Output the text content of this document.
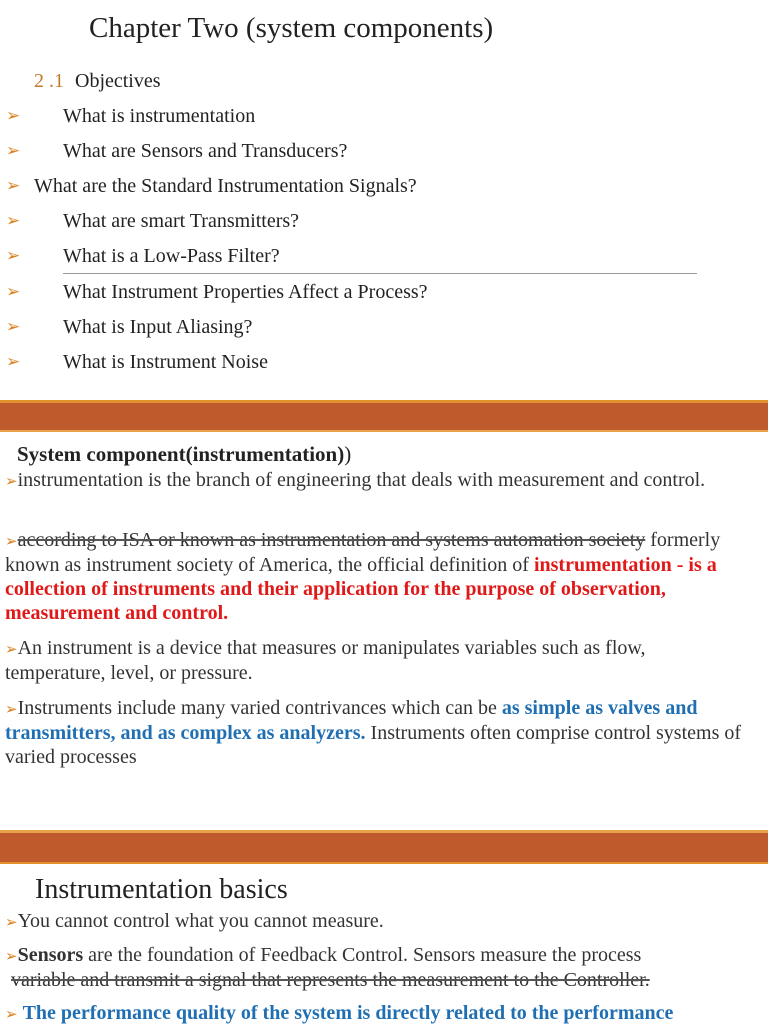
Chapter Two (system components)
2 .1 Objectives
➢ What is instrumentation
➢ What are Sensors and Transducers?
➢ What are the Standard Instrumentation Signals?
➢ What are smart Transmitters?
➢ What is a Low-Pass Filter?
➢ What Instrument Properties Affect a Process?
➢ What is Input Aliasing?
➢ What is Instrument Noise
System component(instrumentation))
➢instrumentation is the branch of engineering that deals with measurement and control.
➢according to ISA or known as instrumentation and systems automation society formerly known as instrument society of America, the official definition of instrumentation - is a collection of instruments and their application for the purpose of observation, measurement and control.
➢An instrument is a device that measures or manipulates variables such as flow, temperature, level, or pressure.
➢Instruments include many varied contrivances which can be as simple as valves and transmitters, and as complex as analyzers. Instruments often comprise control systems of varied processes
Instrumentation basics
➢You cannot control what you cannot measure.
➢Sensors are the foundation of Feedback Control. Sensors measure the process
variable and transmit a signal that represents the measurement to the Controller.
➢ The performance quality of the system is directly related to the performance
